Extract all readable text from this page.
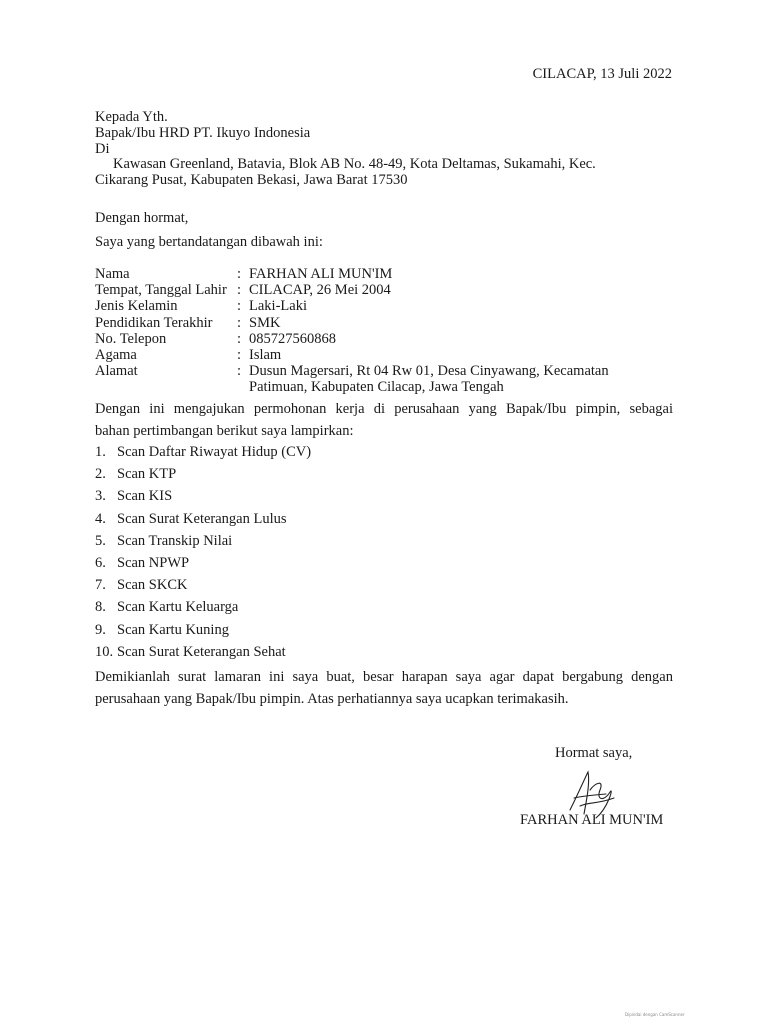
CILACAP, 13 Juli 2022
Kepada Yth.
Bapak/Ibu HRD PT. Ikuyo Indonesia
Di
Kawasan Greenland, Batavia, Blok AB No. 48-49, Kota Deltamas, Sukamahi, Kec.
Cikarang Pusat, Kabupaten Bekasi, Jawa Barat 17530
Dengan hormat,
Saya yang bertandatangan dibawah ini:
Nama	: FARHAN ALI MUN'IM
Tempat, Tanggal Lahir : CILACAP, 26 Mei 2004
Jenis Kelamin	: Laki-Laki
Pendidikan Terakhir	: SMK
No. Telepon	: 085727560868
Agama	: Islam
Alamat	: Dusun Magersari, Rt 04 Rw 01, Desa Cinyawang, Kecamatan
Patimuan, Kabupaten Cilacap, Jawa Tengah
Dengan ini mengajukan permohonan kerja di perusahaan yang Bapak/Ibu pimpin, sebagai
bahan pertimbangan berikut saya lampirkan:
1. Scan Daftar Riwayat Hidup (CV)
2. Scan KTP
3. Scan KIS
4. Scan Surat Keterangan Lulus
5. Scan Transkip Nilai
6. Scan NPWP
7. Scan SKCK
8. Scan Kartu Keluarga
9. Scan Kartu Kuning
10. Scan Surat Keterangan Sehat
Demikianlah surat lamaran ini saya buat, besar harapan saya agar dapat bergabung dengan
perusahaan yang Bapak/Ibu pimpin. Atas perhatiannya saya ucapkan terimakasih.
Hormat saya,
FARHAN ALI MUN'IM
Dipindai dengan CamScanner
